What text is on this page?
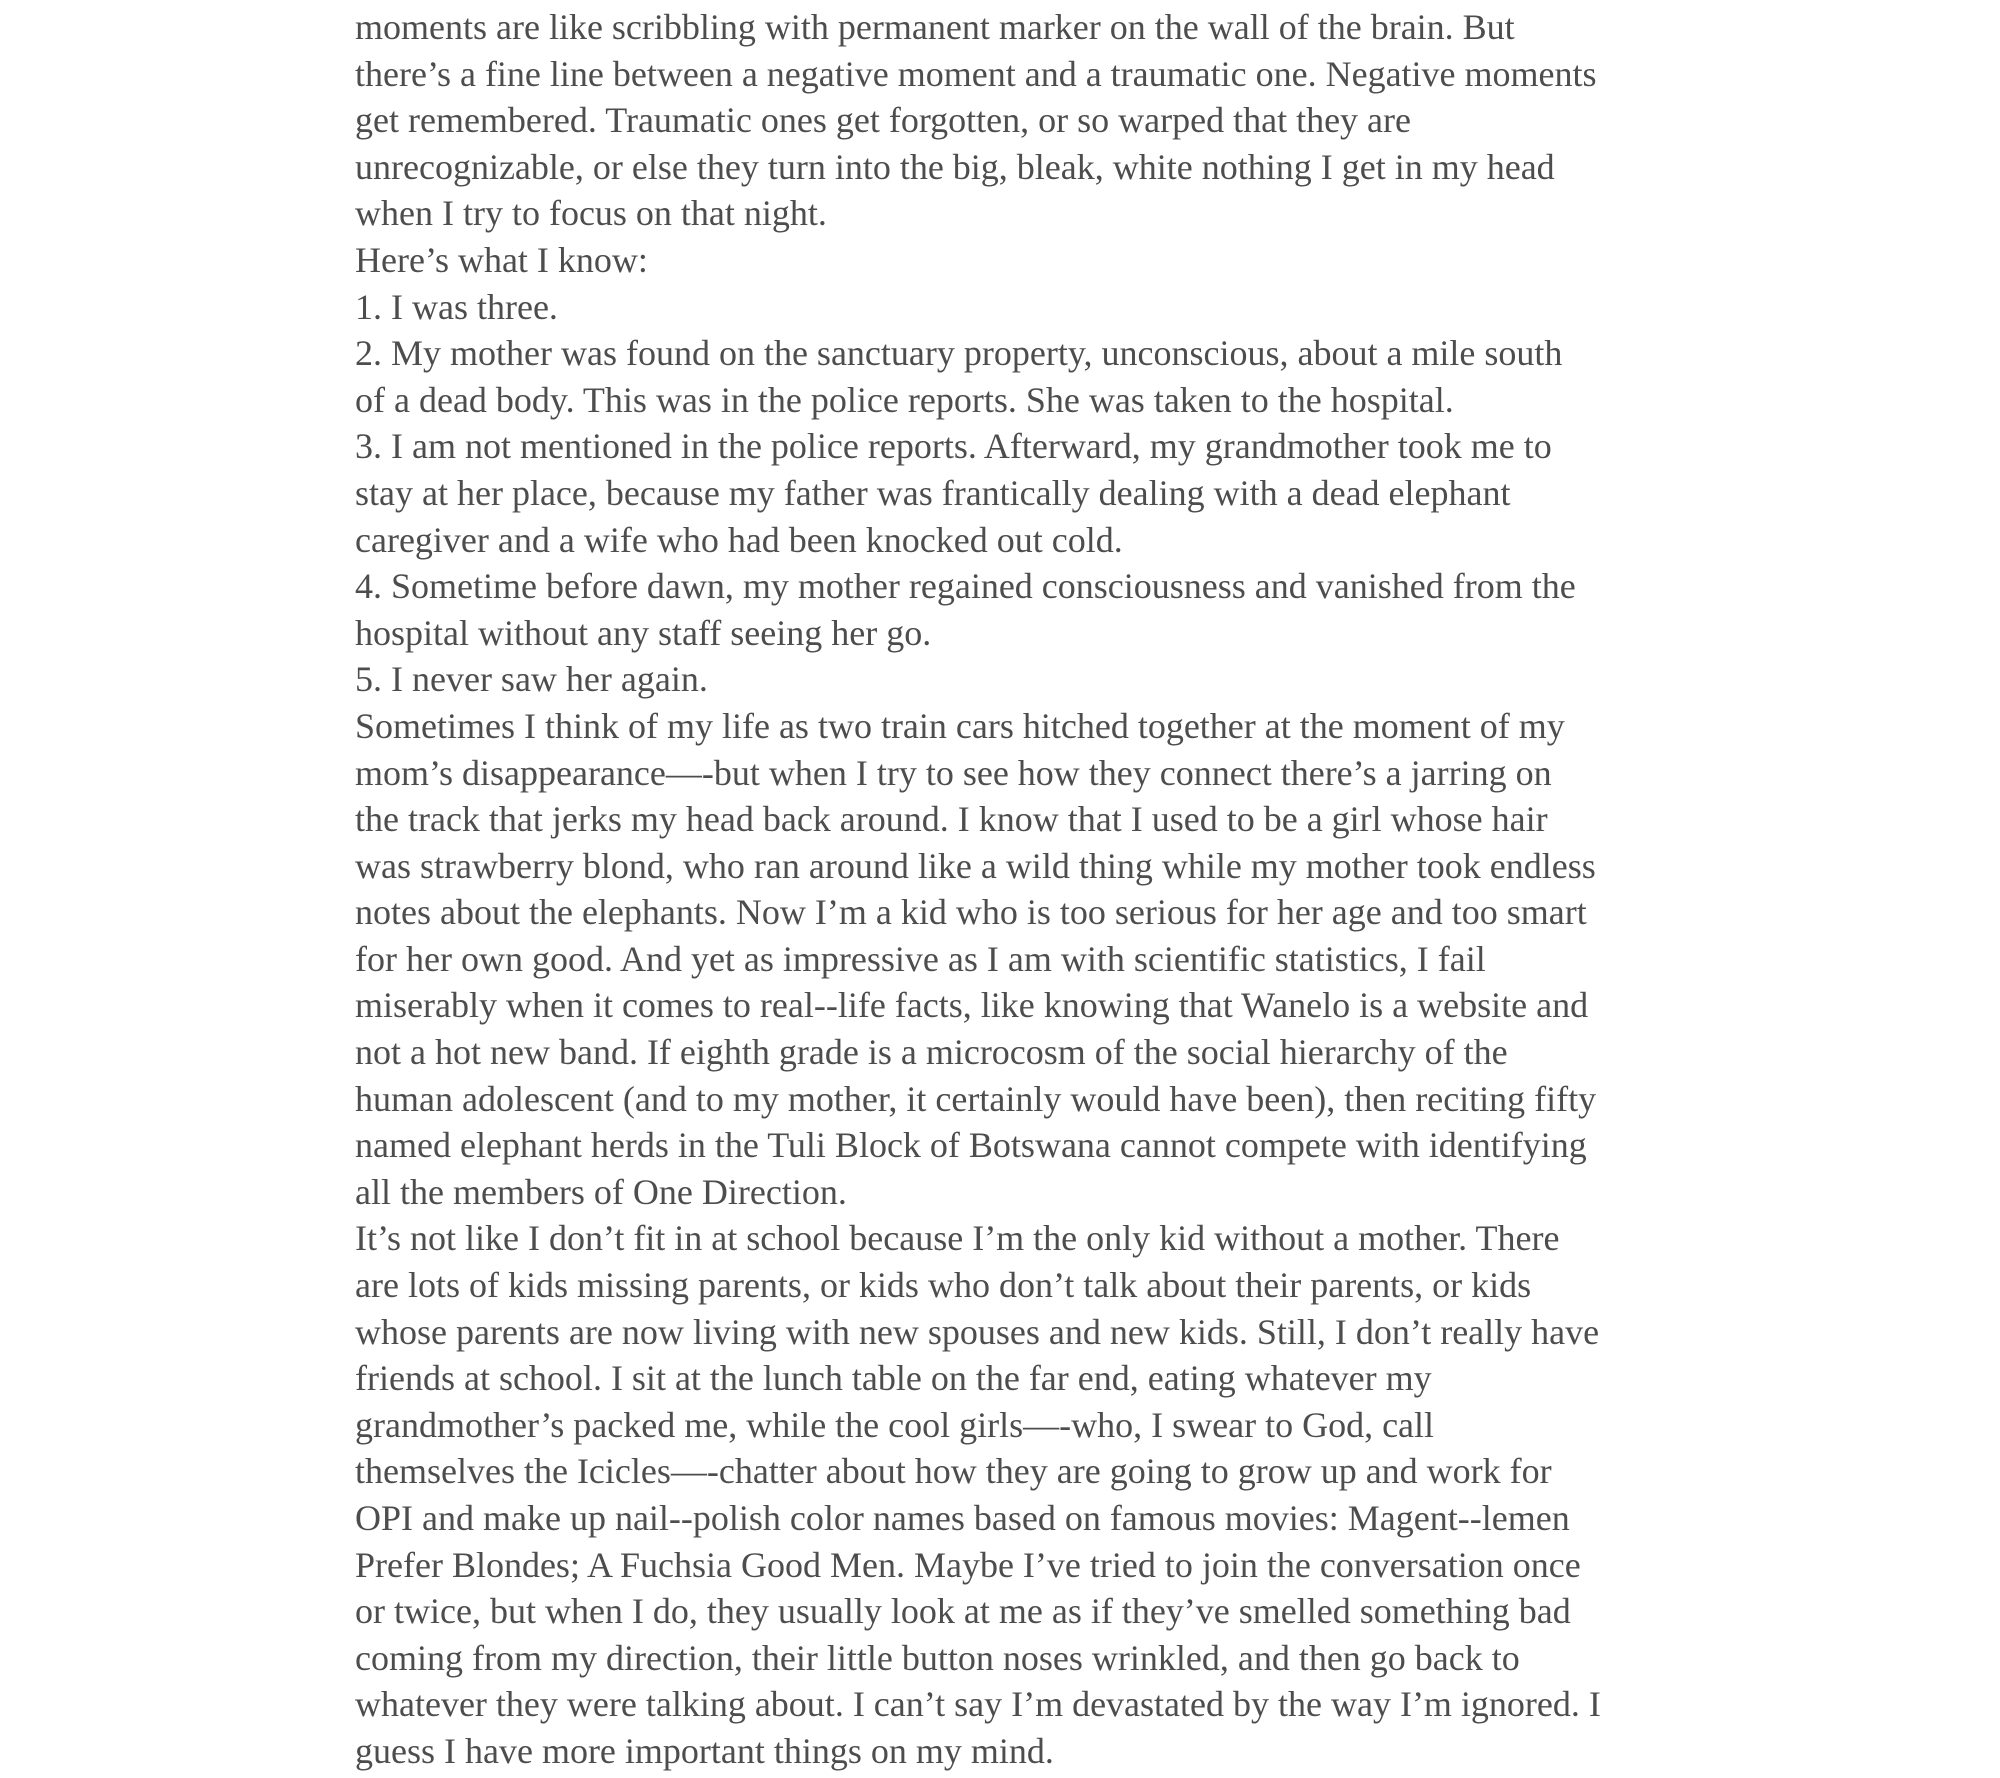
moments are like scribbling with permanent marker on the wall of the brain. But
there’s a fine line between a negative moment and a traumatic one. Negative moments
get remembered. Traumatic ones get forgotten, or so warped that they are
unrecognizable, or else they turn into the big, bleak, white nothing I get in my head
when I try to focus on that night.
Here’s what I know:
1. I was three.
2. My mother was found on the sanctuary property, unconscious, about a mile south
of a dead body. This was in the police reports. She was taken to the hospital.
3. I am not mentioned in the police reports. Afterward, my grandmother took me to
stay at her place, because my father was frantically dealing with a dead elephant
caregiver and a wife who had been knocked out cold.
4. Sometime before dawn, my mother regained consciousness and vanished from the
hospital without any staff seeing her go.
5. I never saw her again.
Sometimes I think of my life as two train cars hitched together at the moment of my
mom’s disappearance—-but when I try to see how they connect there’s a jarring on
the track that jerks my head back around. I know that I used to be a girl whose hair
was strawberry blond, who ran around like a wild thing while my mother took endless
notes about the elephants. Now I’m a kid who is too serious for her age and too smart
for her own good. And yet as impressive as I am with scientific statistics, I fail
miserably when it comes to real--life facts, like knowing that Wanelo is a website and
not a hot new band. If eighth grade is a microcosm of the social hierarchy of the
human adolescent (and to my mother, it certainly would have been), then reciting fifty
named elephant herds in the Tuli Block of Botswana cannot compete with identifying
all the members of One Direction.
It’s not like I don’t fit in at school because I’m the only kid without a mother. There
are lots of kids missing parents, or kids who don’t talk about their parents, or kids
whose parents are now living with new spouses and new kids. Still, I don’t really have
friends at school. I sit at the lunch table on the far end, eating whatever my
grandmother’s packed me, while the cool girls—-who, I swear to God, call
themselves the Icicles—-chatter about how they are going to grow up and work for
OPI and make up nail--polish color names based on famous movies: Magent--lemen
Prefer Blondes; A Fuchsia Good Men. Maybe I’ve tried to join the conversation once
or twice, but when I do, they usually look at me as if they’ve smelled something bad
coming from my direction, their little button noses wrinkled, and then go back to
whatever they were talking about. I can’t say I’m devastated by the way I’m ignored. I
guess I have more important things on my mind.
